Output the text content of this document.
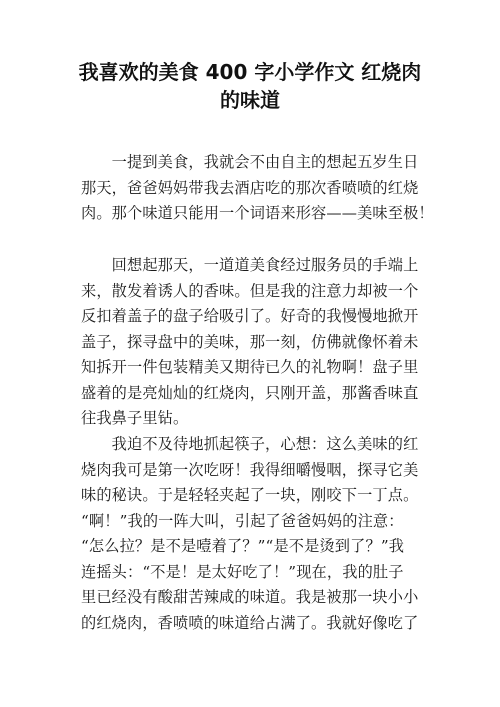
我喜欢的美食 400 字小学作文 红烧肉
的味道
　　一提到美食，我就会不由自主的想起五岁生日
那天，爸爸妈妈带我去酒店吃的那次香喷喷的红烧
肉。那个味道只能用一个词语来形容——美味至极！
　　回想起那天，一道道美食经过服务员的手端上
来，散发着诱人的香味。但是我的注意力却被一个
反扣着盖子的盘子给吸引了。好奇的我慢慢地掀开
盖子，探寻盘中的美味，那一刻，仿佛就像怀着未
知拆开一件包装精美又期待已久的礼物啊！盘子里
盛着的是亮灿灿的红烧肉，只刚开盖，那酱香味直
往我鼻子里钻。
　　我迫不及待地抓起筷子，心想：这么美味的红
烧肉我可是第一次吃呀！我得细嚼慢咽，探寻它美
味的秘诀。于是轻轻夹起了一块，刚咬下一丁点。
“啊！”我的一阵大叫，引起了爸爸妈妈的注意：
“怎么拉？是不是噎着了？”“是不是烫到了？”我
连摇头：“不是！是太好吃了！”现在，我的肚子
里已经没有酸甜苦辣咸的味道。我是被那一块小小
的红烧肉，香喷喷的味道给占满了。我就好像吃了
